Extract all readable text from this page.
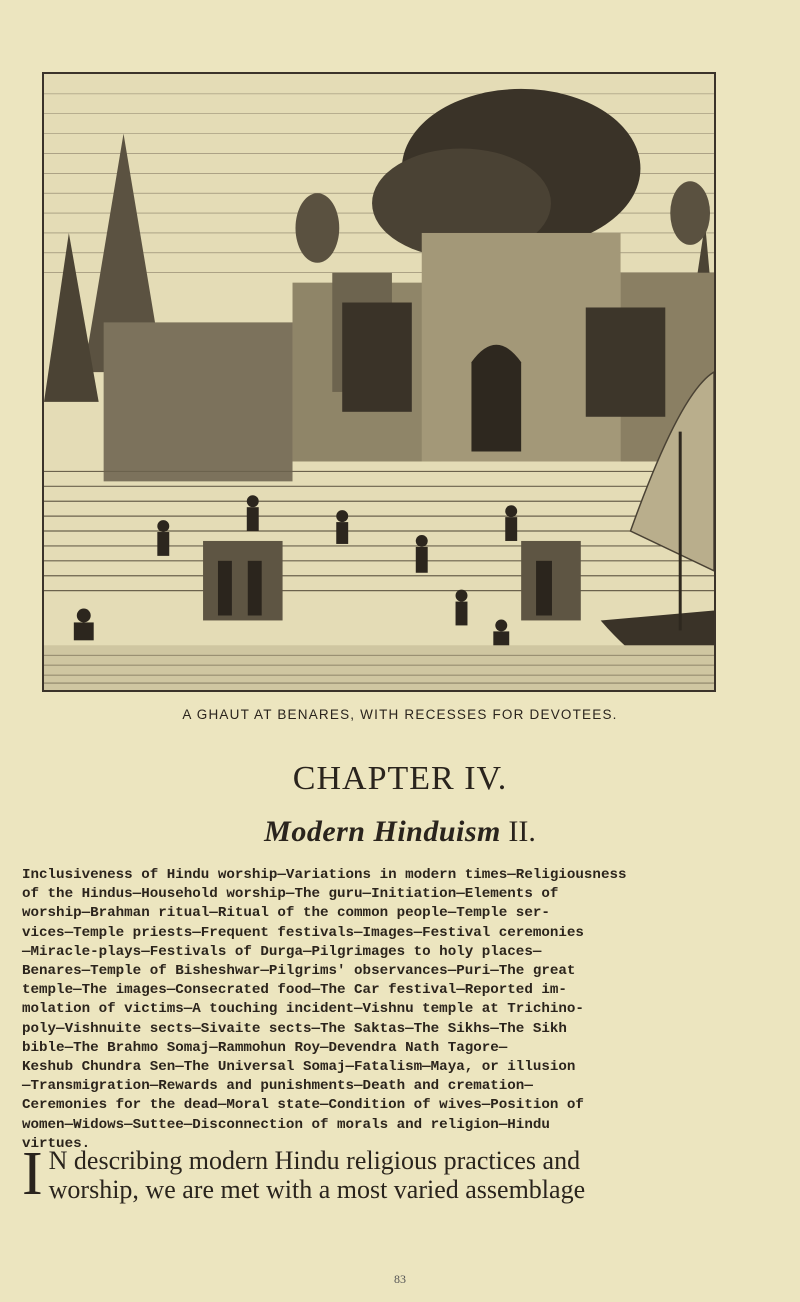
A GHAUT AT BENARES, WITH RECESSES FOR DEVOTEES.
CHAPTER IV.
Modern Hinduism II.
Inclusiveness of Hindu worship—Variations in modern times—Religiousness
of the Hindus—Household worship—The guru—Initiation—Elements of
worship—Brahman ritual—Ritual of the common people—Temple ser-
vices—Temple priests—Frequent festivals—Images—Festival ceremonies
—Miracle-plays—Festivals of Durga—Pilgrimages to holy places—
Benares—Temple of Bisheshwar—Pilgrims' observances—Puri—The great
temple—The images—Consecrated food—The Car festival—Reported im-
molation of victims—A touching incident—Vishnu temple at Trichino-
poly—Vishnuite sects—Sivaite sects—The Saktas—The Sikhs—The Sikh
bible—The Brahmo Somaj—Rammohun Roy—Devendra Nath Tagore—
Keshub Chundra Sen—The Universal Somaj—Fatalism—Maya, or illusion
—Transmigration—Rewards and punishments—Death and cremation—
Ceremonies for the dead—Moral state—Condition of wives—Position of
women—Widows—Suttee—Disconnection of morals and religion—Hindu
virtues.
I N describing modern Hindu religious practices and
worship, we are met with a most varied assemblage
83
